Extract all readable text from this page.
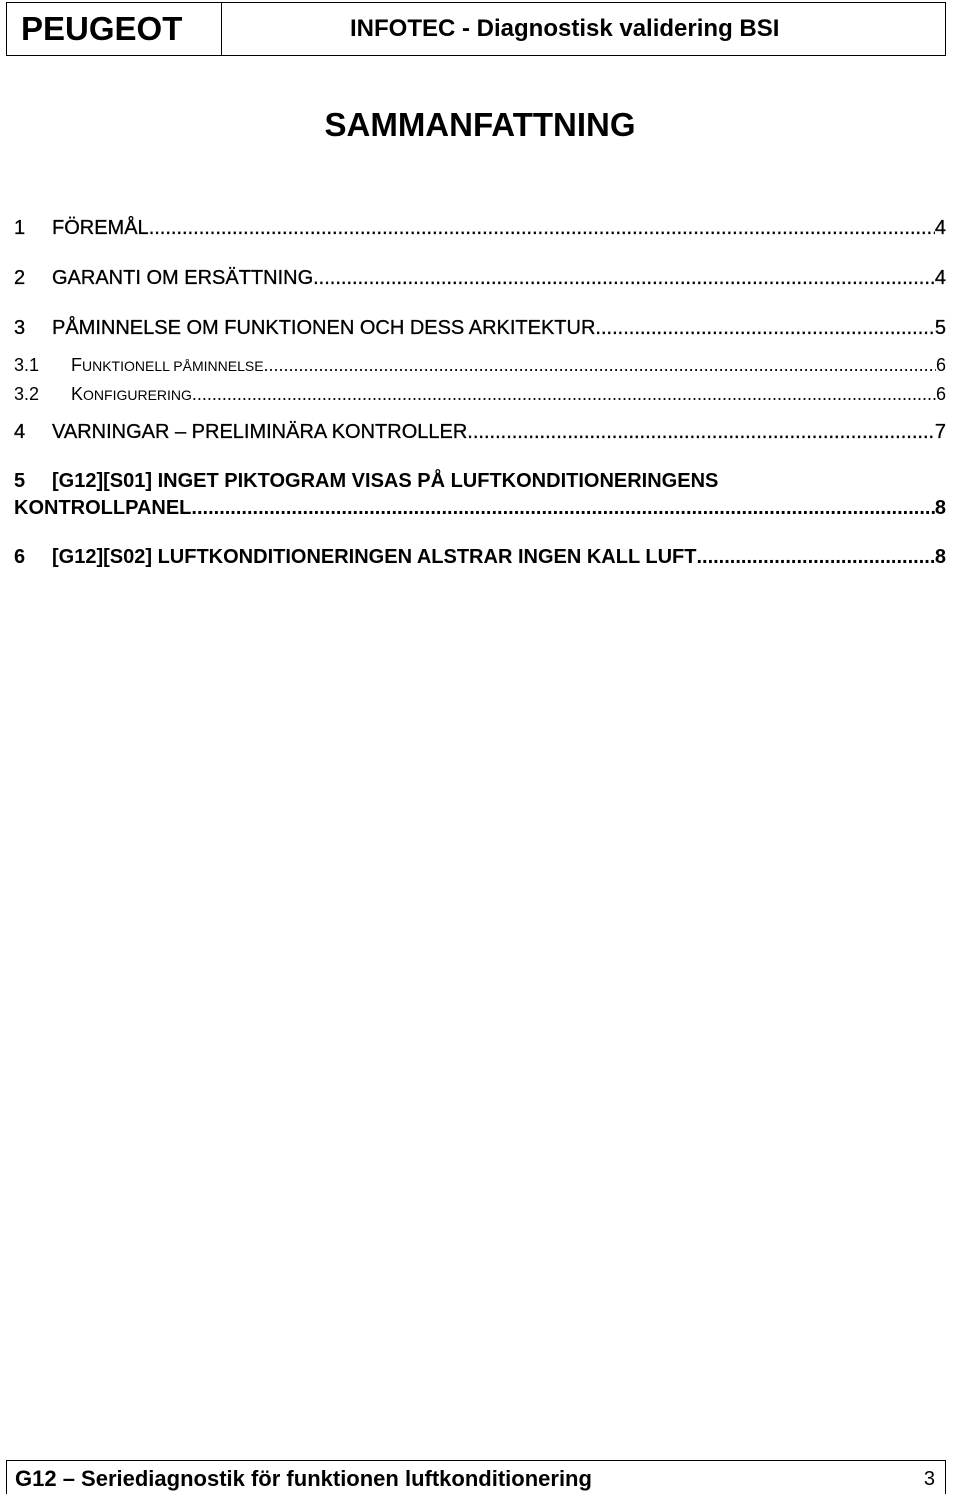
PEUGEOT	INFOTEC - Diagnostisk validering BSI
SAMMANFATTNING
1	FÖREMÅL .....	4
2	GARANTI OM ERSÄTTNING .....	4
3	PÅMINNELSE OM FUNKTIONEN OCH DESS ARKITEKTUR .....	5
3.1	FUNKTIONELL PÅMINNELSE .....	6
3.2	KONFIGURERING .....	6
4	VARNINGAR – PRELIMINÄRA KONTROLLER .....	7
5 [G12][S01] INGET PIKTOGRAM VISAS PÅ LUFTKONDITIONERINGENS
KONTROLLPANEL .....	8
6	[G12][S02] LUFTKONDITIONERINGEN ALSTRAR INGEN KALL LUFT .....	8
G12 – Seriediagnostik för funktionen luftkonditionering	3
